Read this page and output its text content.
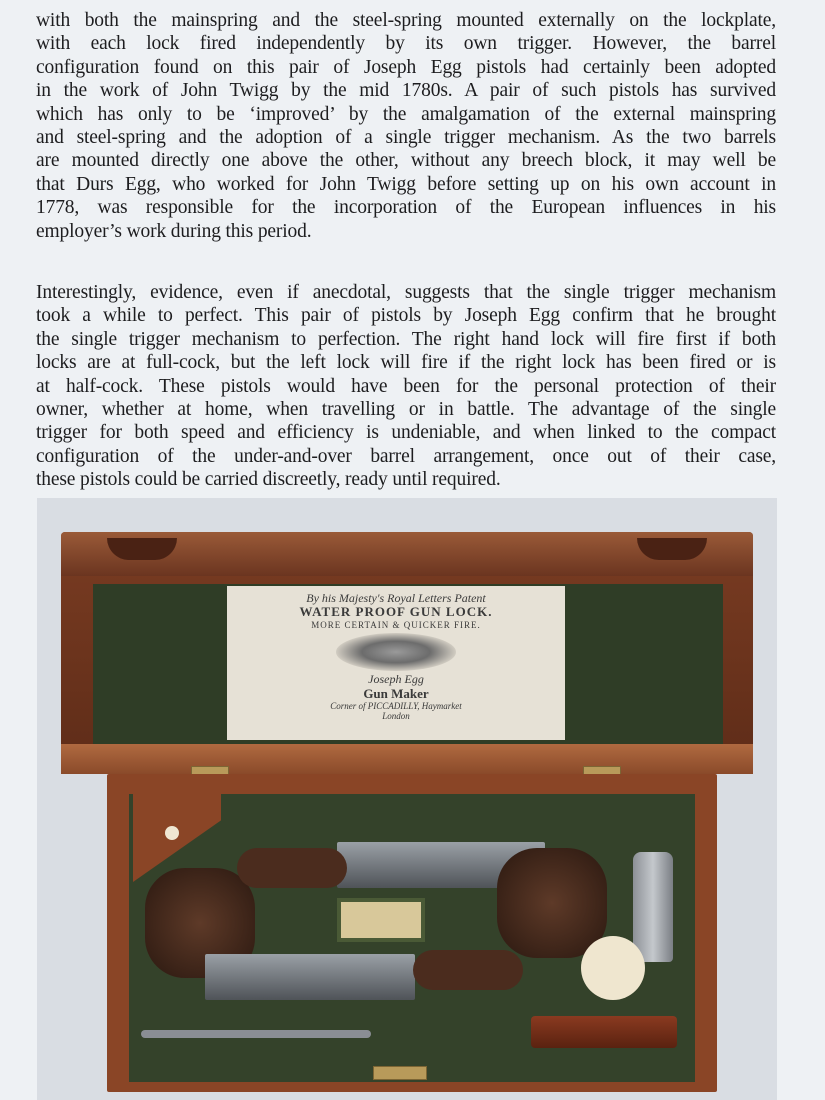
with both the mainspring and the steel-spring mounted externally on the lockplate,
with each lock fired independently by its own trigger. However, the barrel
configuration found on this pair of Joseph Egg pistols had certainly been adopted
in the work of John Twigg by the mid 1780s. A pair of such pistols has survived
which has only to be ‘improved’ by the amalgamation of the external mainspring
and steel-spring and the adoption of a single trigger mechanism. As the two barrels
are mounted directly one above the other, without any breech block, it may well be
that Durs Egg, who worked for John Twigg before setting up on his own account in
1778, was responsible for the incorporation of the European influences in his
employer’s work during this period.
Interestingly, evidence, even if anecdotal, suggests that the single trigger mechanism
took a while to perfect. This pair of pistols by Joseph Egg confirm that he brought
the single trigger mechanism to perfection. The right hand lock will fire first if both
locks are at full-cock, but the left lock will fire if the right lock has been fired or is
at half-cock. These pistols would have been for the personal protection of their
owner, whether at home, when travelling or in battle. The advantage of the single
trigger for both speed and efficiency is undeniable, and when linked to the compact
configuration of the under-and-over barrel arrangement, once out of their case,
these pistols could be carried discreetly, ready until required.
By his Majesty's Royal Letters Patent
WATER PROOF GUN LOCK.
MORE CERTAIN & QUICKER FIRE.
Joseph Egg
Gun Maker
Corner of PICCADILLY, Haymarket
London
